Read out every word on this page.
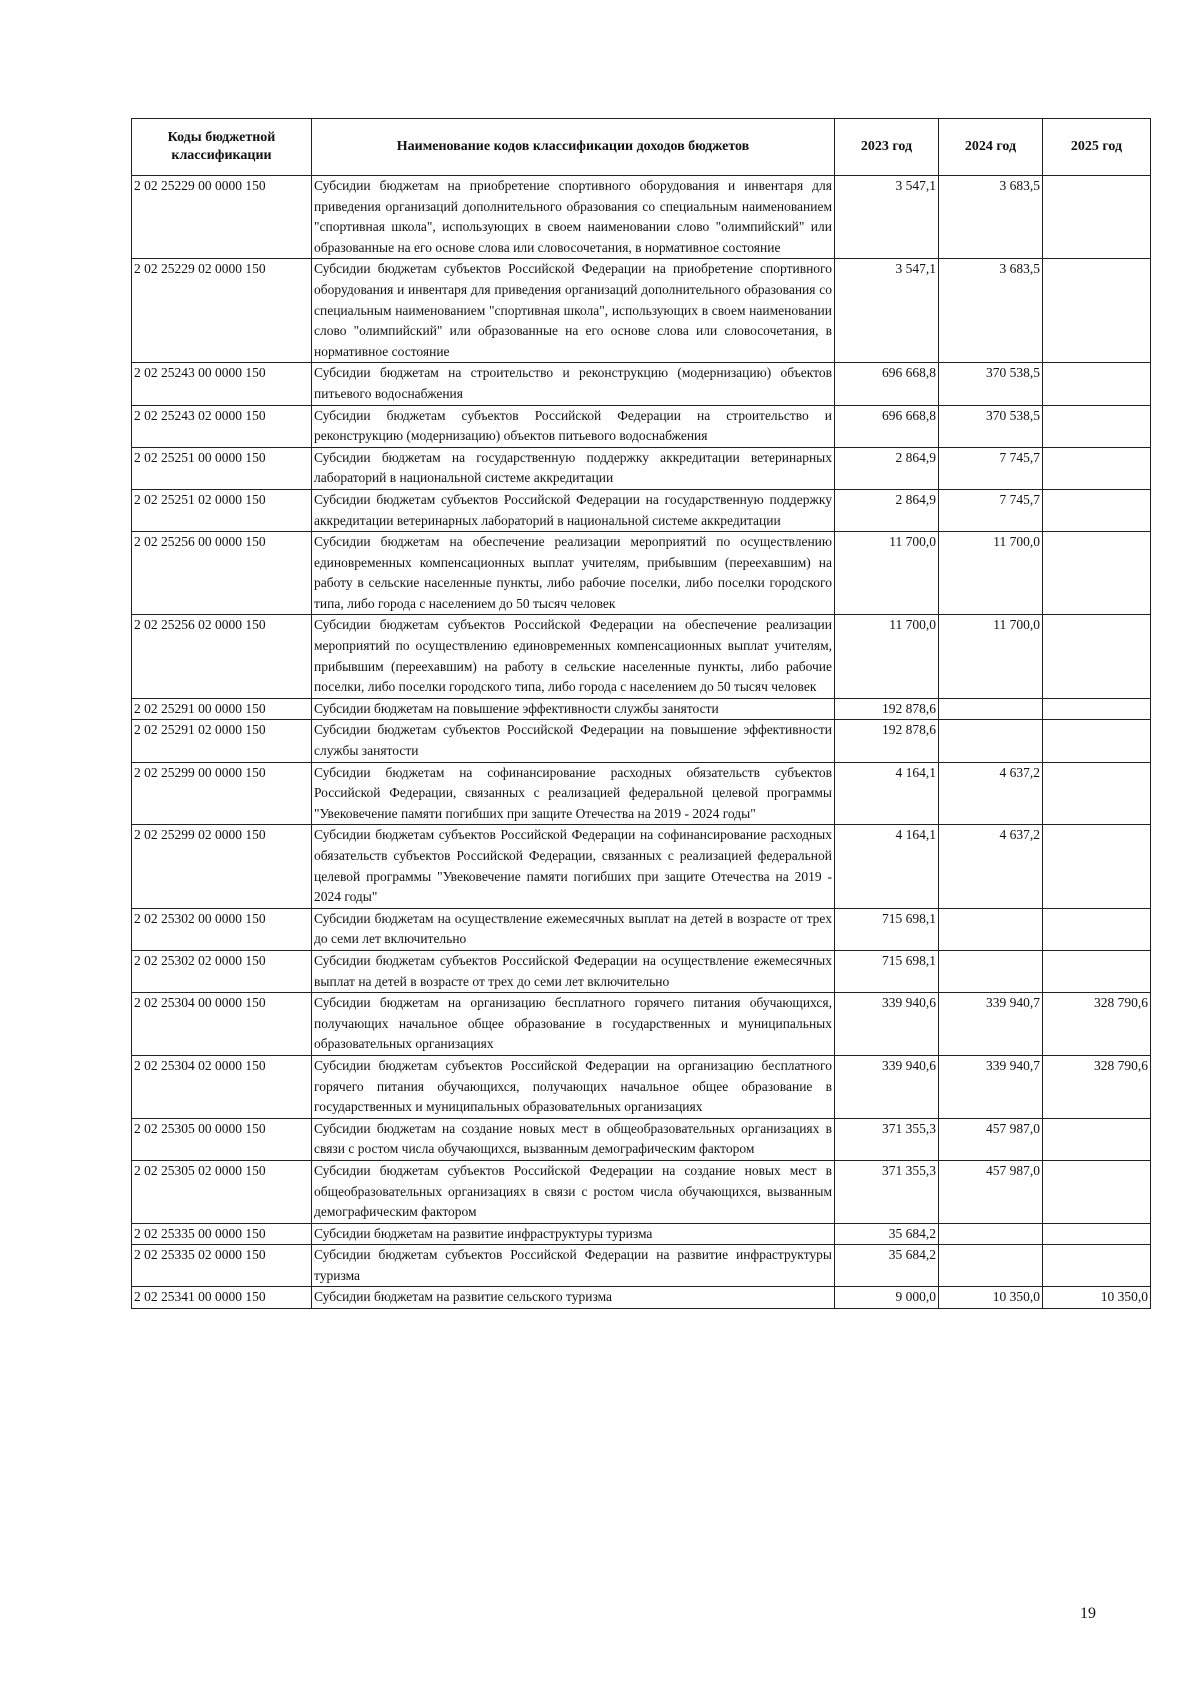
Коды бюджетной классификации	Наименование кодов классификации доходов бюджетов	2023 год	2024 год	2025 год
2 02 25229 00 0000 150	Субсидии бюджетам на приобретение спортивного оборудования и инвентаря для приведения организаций дополнительного образования со специальным наименованием "спортивная школа", использующих в своем наименовании слово "олимпийский" или образованные на его основе слова или словосочетания, в нормативное состояние	3 547,1	3 683,5	
2 02 25229 02 0000 150	Субсидии бюджетам субъектов Российской Федерации на приобретение спортивного оборудования и инвентаря для приведения организаций дополнительного образования со специальным наименованием "спортивная школа", использующих в своем наименовании слово "олимпийский" или образованные на его основе слова или словосочетания, в нормативное состояние	3 547,1	3 683,5	
2 02 25243 00 0000 150	Субсидии бюджетам на строительство и реконструкцию (модернизацию) объектов питьевого водоснабжения	696 668,8	370 538,5	
2 02 25243 02 0000 150	Субсидии бюджетам субъектов Российской Федерации на строительство и реконструкцию (модернизацию) объектов питьевого водоснабжения	696 668,8	370 538,5	
2 02 25251 00 0000 150	Субсидии бюджетам на государственную поддержку аккредитации ветеринарных лабораторий в национальной системе аккредитации	2 864,9	7 745,7	
2 02 25251 02 0000 150	Субсидии бюджетам субъектов Российской Федерации на государственную поддержку аккредитации ветеринарных лабораторий в национальной системе аккредитации	2 864,9	7 745,7	
2 02 25256 00 0000 150	Субсидии бюджетам на обеспечение реализации мероприятий по осуществлению единовременных компенсационных выплат учителям, прибывшим (переехавшим) на работу в сельские населенные пункты, либо рабочие поселки, либо поселки городского типа, либо города с населением до 50 тысяч человек	11 700,0	11 700,0	
2 02 25256 02 0000 150	Субсидии бюджетам субъектов Российской Федерации на обеспечение реализации мероприятий по осуществлению единовременных компенсационных выплат учителям, прибывшим (переехавшим) на работу в сельские населенные пункты, либо рабочие поселки, либо поселки городского типа, либо города с населением до 50 тысяч человек	11 700,0	11 700,0	
2 02 25291 00 0000 150	Субсидии бюджетам на повышение эффективности службы занятости	192 878,6		
2 02 25291 02 0000 150	Субсидии бюджетам субъектов Российской Федерации на повышение эффективности службы занятости	192 878,6		
2 02 25299 00 0000 150	Субсидии бюджетам на софинансирование расходных обязательств субъектов Российской Федерации, связанных с реализацией федеральной целевой программы "Увековечение памяти погибших при защите Отечества на 2019 - 2024 годы"	4 164,1	4 637,2	
2 02 25299 02 0000 150	Субсидии бюджетам субъектов Российской Федерации на софинансирование расходных обязательств субъектов Российской Федерации, связанных с реализацией федеральной целевой программы "Увековечение памяти погибших при защите Отечества на 2019 - 2024 годы"	4 164,1	4 637,2	
2 02 25302 00 0000 150	Субсидии бюджетам на осуществление ежемесячных выплат на детей в возрасте от трех до семи лет включительно	715 698,1		
2 02 25302 02 0000 150	Субсидии бюджетам субъектов Российской Федерации на осуществление ежемесячных выплат на детей в возрасте от трех до семи лет включительно	715 698,1		
2 02 25304 00 0000 150	Субсидии бюджетам на организацию бесплатного горячего питания обучающихся, получающих начальное общее образование в государственных и муниципальных образовательных организациях	339 940,6	339 940,7	328 790,6
2 02 25304 02 0000 150	Субсидии бюджетам субъектов Российской Федерации на организацию бесплатного горячего питания обучающихся, получающих начальное общее образование в государственных и муниципальных образовательных организациях	339 940,6	339 940,7	328 790,6
2 02 25305 00 0000 150	Субсидии бюджетам на создание новых мест в общеобразовательных организациях в связи с ростом числа обучающихся, вызванным демографическим фактором	371 355,3	457 987,0	
2 02 25305 02 0000 150	Субсидии бюджетам субъектов Российской Федерации на создание новых мест в общеобразовательных организациях в связи с ростом числа обучающихся, вызванным демографическим фактором	371 355,3	457 987,0	
2 02 25335 00 0000 150	Субсидии бюджетам на развитие инфраструктуры туризма	35 684,2		
2 02 25335 02 0000 150	Субсидии бюджетам субъектов Российской Федерации на развитие инфраструктуры туризма	35 684,2		
2 02 25341 00 0000 150	Субсидии бюджетам на развитие сельского туризма	9 000,0	10 350,0	10 350,0
19
